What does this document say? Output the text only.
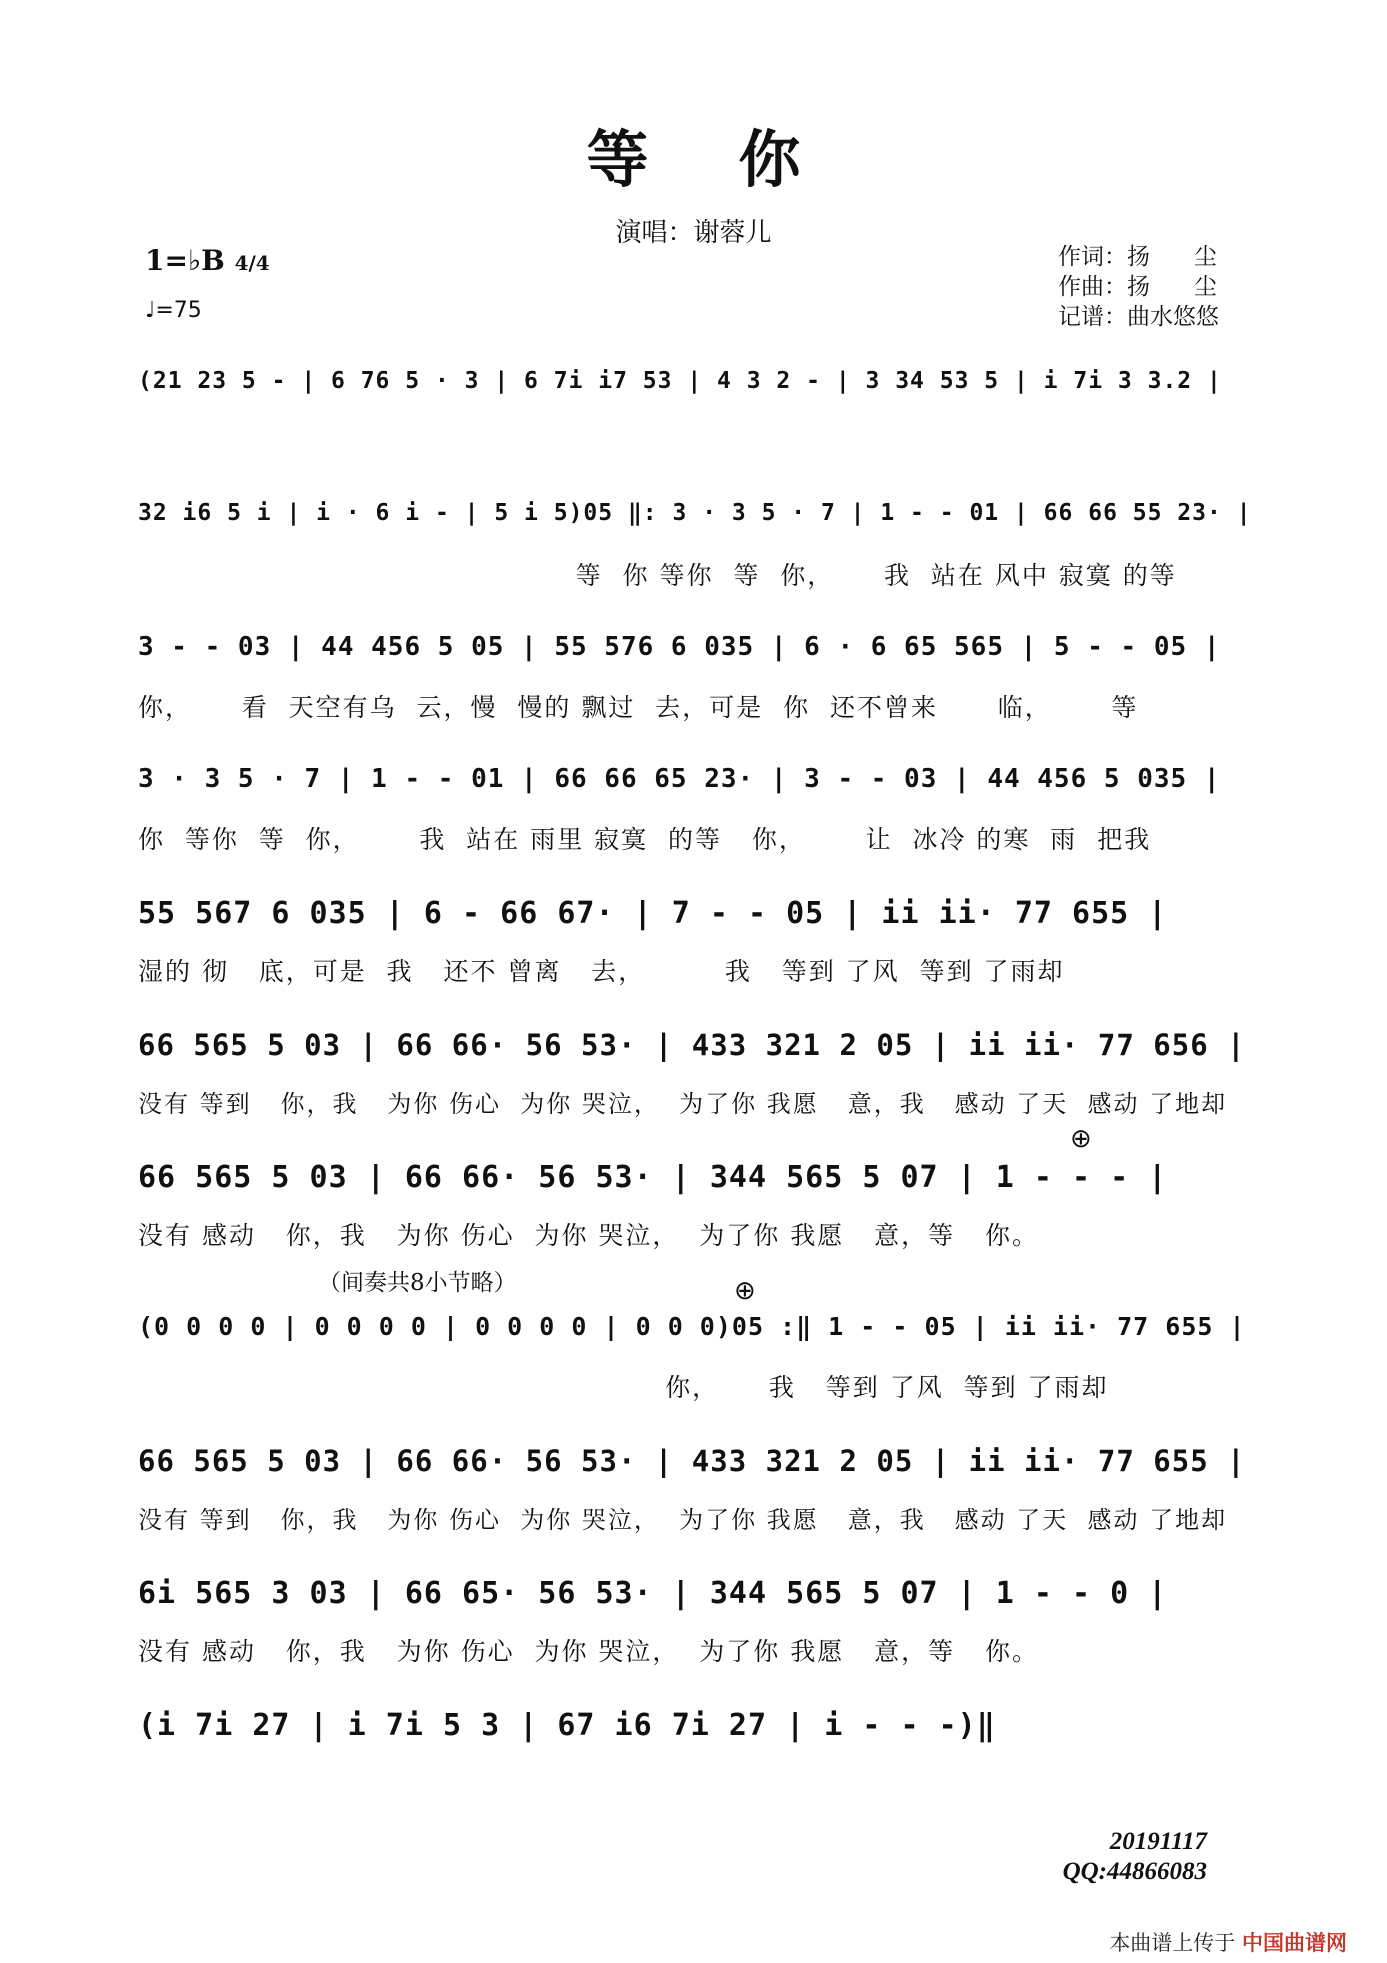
等你
演唱：谢蓉儿
1=♭B 4/4
♩=75
作词：扬      尘
作曲：扬      尘
记谱：曲水悠悠
(21 23 5 - | 6 76 5 · 3 | 6 7i i7 53 | 4 3 2 - | 3 34 53 5 | i 7i 3 3.2 |
32 i6 5 i | i · 6 i - | 5 i 5)05 ‖: 3 · 3 5 · 7 | 1 - - 01 | 66 66 55 23· |
等  你 等你  等  你，     我  站在 风中 寂寞 的等
3 - - 03 | 44 456 5 05 | 55 576 6 035 | 6 · 6 65 565 | 5 - - 05 |
你，     看  天空有乌  云，慢  慢的 飘过  去，可是  你  还不曾来      临，      等
3 · 3 5 · 7 | 1 - - 01 | 66 66 65 23· | 3 - - 03 | 44 456 5 035 |
你  等你  等  你，      我  站在 雨里 寂寞  的等   你，      让  冰冷 的寒  雨  把我
55 567 6 035 | 6 - 66 67· | 7 - - 05 | ii ii· 77 655 |
湿的 彻   底，可是  我   还不 曾离   去，        我   等到 了风  等到 了雨却
66 565 5 03 | 66 66· 56 53· | 433 321 2 05 | ii ii· 77 656 |
没有 等到   你，我   为你 伤心  为你 哭泣，  为了你 我愿   意，我   感动 了天  感动 了地却
66 565 5 03 | 66 66· 56 53· | 344 565 5 07 | 1 - - - |
没有 感动   你，我   为你 伤心  为你 哭泣，  为了你 我愿   意，等   你。
⊕
（间奏共8小节略）
(0 0 0 0 | 0 0 0 0 | 0 0 0 0 | 0 0 0)05 :‖ 1 - - 05 | ii ii· 77 655 |
你，     我   等到 了风  等到 了雨却
⊕
66 565 5 03 | 66 66· 56 53· | 433 321 2 05 | ii ii· 77 655 |
没有 等到   你，我   为你 伤心  为你 哭泣，  为了你 我愿   意，我   感动 了天  感动 了地却
6i 565 3 03 | 66 65· 56 53· | 344 565 5 07 | 1 - - 0 |
没有 感动   你，我   为你 伤心  为你 哭泣，  为了你 我愿   意，等   你。
(i 7i 27 | i 7i 5 3 | 67 i6 7i 27 | i - - -)‖
20191117
QQ:44866083
本曲谱上传于 中国曲谱网
